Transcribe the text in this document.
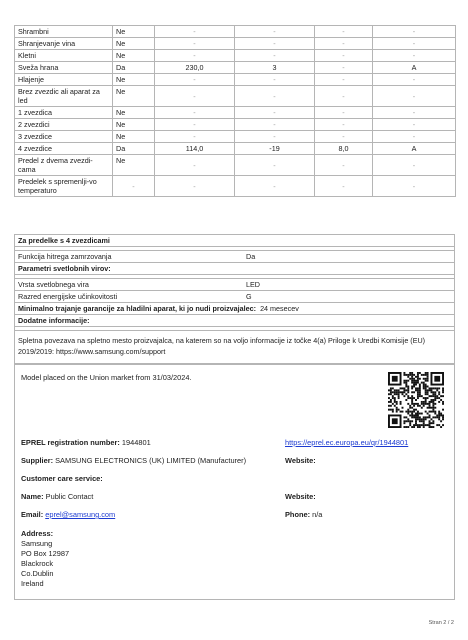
Shrambni	Ne	-	-	-	-
Shranjevanje vina	Ne	-	-	-	-
Kletni	Ne	-	-	-	-
Sveža hrana	Da	230,0	3	-	A
Hlajenje	Ne	-	-	-	-
Brez zvezdic ali aparat za led	Ne	-	-	-	-
1 zvezdica	Ne	-	-	-	-
2 zvezdici	Ne	-	-	-	-
3 zvezdice	Ne	-	-	-	-
4 zvezdice	Da	114,0	-19	8,0	A
Predel z dvema zvezdi-cama	Ne	-	-	-	-
Predelek s spremenlji-vo temperaturo	-	-	-	-	-
Za predelke s 4 zvezdicami
Funkcija hitrega zamrzovanja	Da
Parametri svetlobnih virov:
Vrsta svetlobnega vira	LED
Razred energijske učinkovitosti	G
Minimalno trajanje garancije za hladilni aparat, ki jo nudi proizvajalec:
24 mesecev
Dodatne informacije:
Spletna povezava na spletno mesto proizvajalca, na katerem so na voljo informacije iz točke 4(a) Priloge k Uredbi Komisije (EU) 2019/2019: https://www.samsung.com/support
Model placed on the Union market from 31/03/2024.
EPREL registration number: 1944801	https://eprel.ec.europa.eu/qr/1944801
Supplier: SAMSUNG ELECTRONICS (UK) LIMITED (Manufacturer)	Website:
Customer care service:
Name: Public Contact	Website:
Email: eprel@samsung.com	Phone: n/a
Address:
Samsung
PO Box 12987
Blackrock
Co.Dublin
Ireland
Stran 2 / 2
